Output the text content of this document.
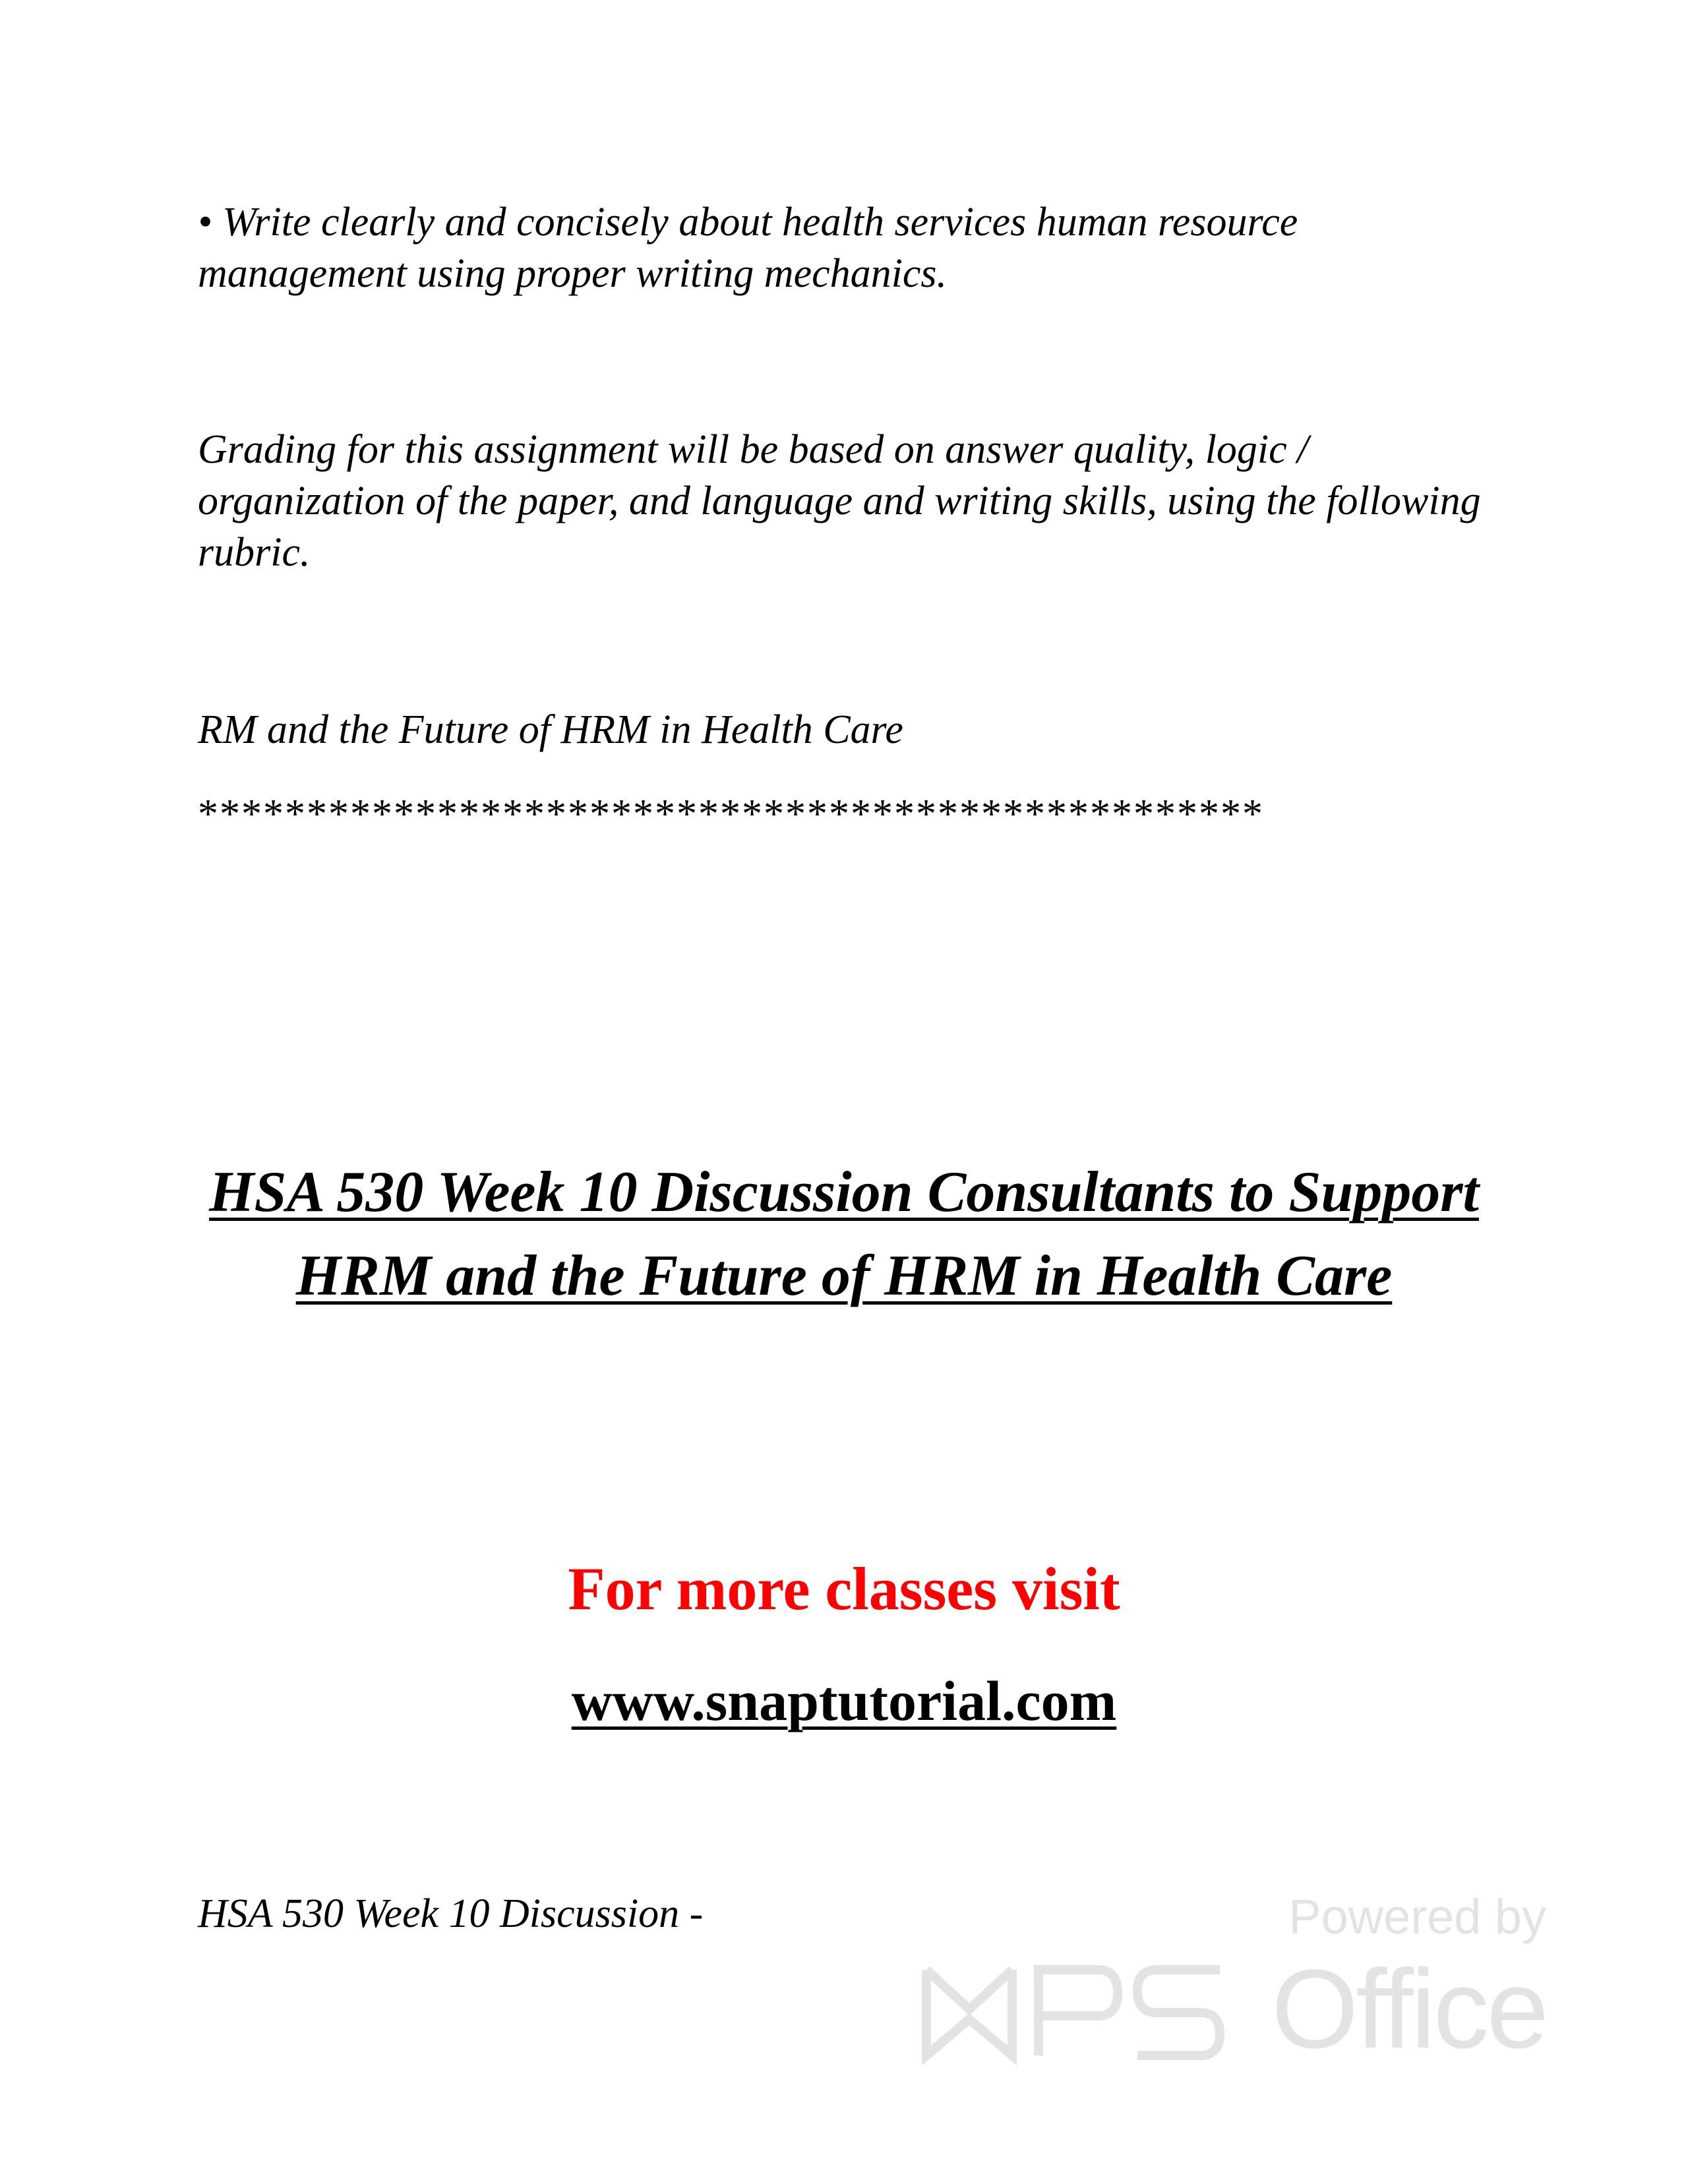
• Write clearly and concisely about health services human resource management using proper writing mechanics.

Grading for this assignment will be based on answer quality, logic / organization of the paper, and language and writing skills, using the following rubric.

RM and the Future of HRM in Health Care

*************************************************

HSA 530 Week 10 Discussion Consultants to Support HRM and the Future of HRM in Health Care

For more classes visit

www.snaptutorial.com

HSA 530 Week 10 Discussion -	Powered by

Office
